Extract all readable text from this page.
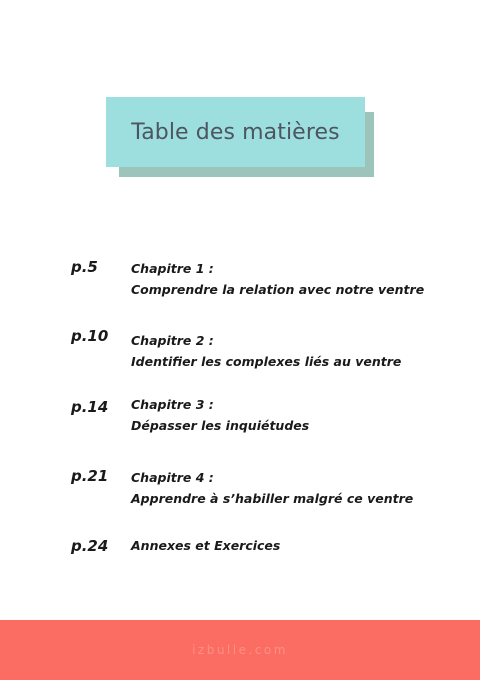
Table des matières
p.5	Chapitre 1 :
Comprendre la relation avec notre ventre
p.10 Chapitre 2 :
Identifier les complexes liés au ventre
p.14 Chapitre 3 :
Dépasser les inquiétudes
p.21 Chapitre 4 :
Apprendre à s’habiller malgré ce ventre
p.24 Annexes et Exercices
izbulle.com
